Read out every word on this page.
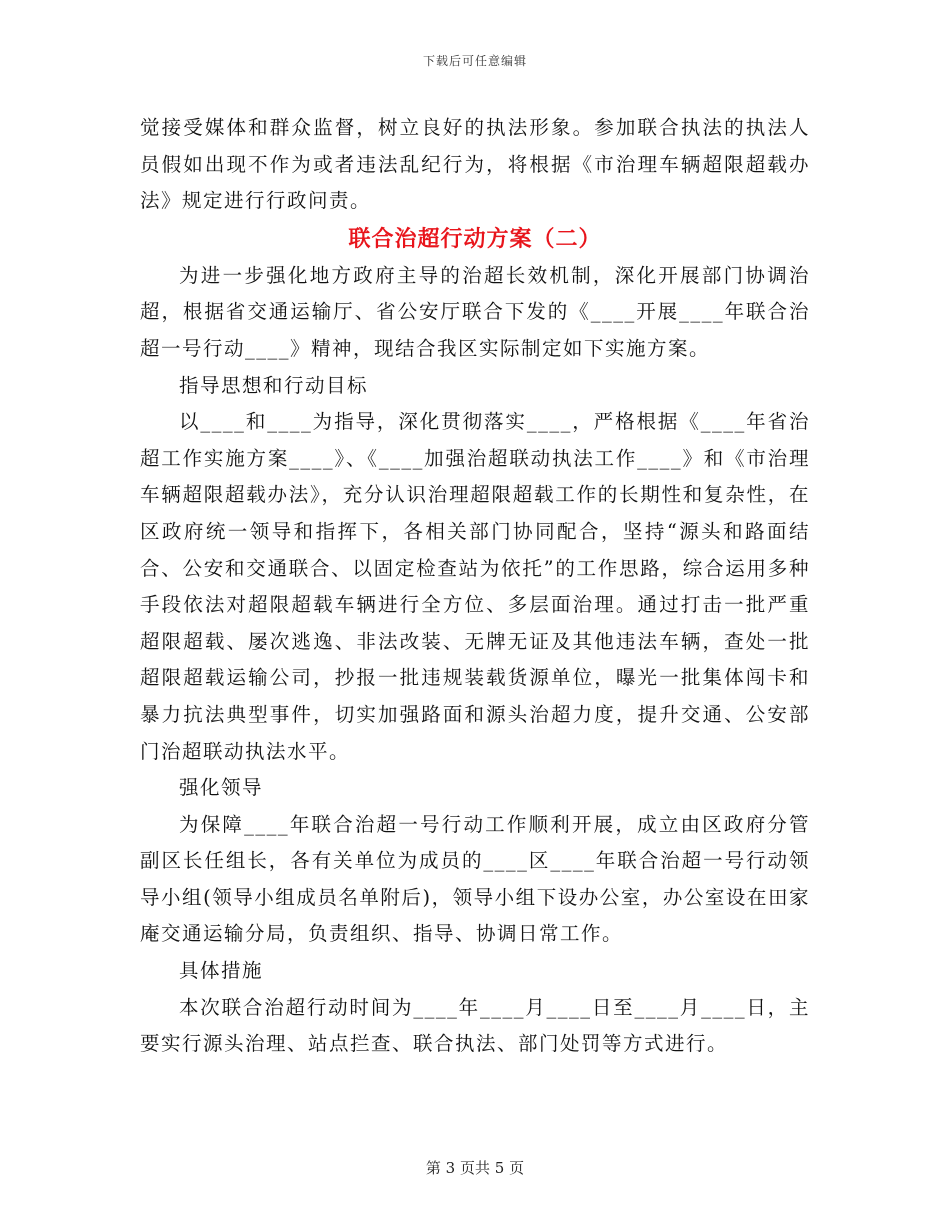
下载后可任意编辑

觉接受媒体和群众监督，树立良好的执法形象。参加联合执法的执法人员假如出现不作为或者违法乱纪行为，将根据《市治理车辆超限超载办法》规定进行行政问责。

联合治超行动方案（二）

为进一步强化地方政府主导的治超长效机制，深化开展部门协调治超，根据省交通运输厅、省公安厅联合下发的《____开展____年联合治超一号行动____》精神，现结合我区实际制定如下实施方案。

指导思想和行动目标

以____和____为指导，深化贯彻落实____，严格根据《____年省治超工作实施方案____》、《____加强治超联动执法工作____》和《市治理车辆超限超载办法》，充分认识治理超限超载工作的长期性和复杂性，在区政府统一领导和指挥下，各相关部门协同配合，坚持“源头和路面结合、公安和交通联合、以固定检查站为依托”的工作思路，综合运用多种手段依法对超限超载车辆进行全方位、多层面治理。通过打击一批严重超限超载、屡次逃逸、非法改装、无牌无证及其他违法车辆，查处一批超限超载运输公司，抄报一批违规装载货源单位，曝光一批集体闯卡和暴力抗法典型事件，切实加强路面和源头治超力度，提升交通、公安部门治超联动执法水平。

强化领导

为保障____年联合治超一号行动工作顺利开展，成立由区政府分管副区长任组长，各有关单位为成员的____区____年联合治超一号行动领导小组(领导小组成员名单附后)，领导小组下设办公室，办公室设在田家庵交通运输分局，负责组织、指导、协调日常工作。

具体措施

本次联合治超行动时间为____年____月____日至____月____日，主要实行源头治理、站点拦查、联合执法、部门处罚等方式进行。

第 3 页共 5 页
